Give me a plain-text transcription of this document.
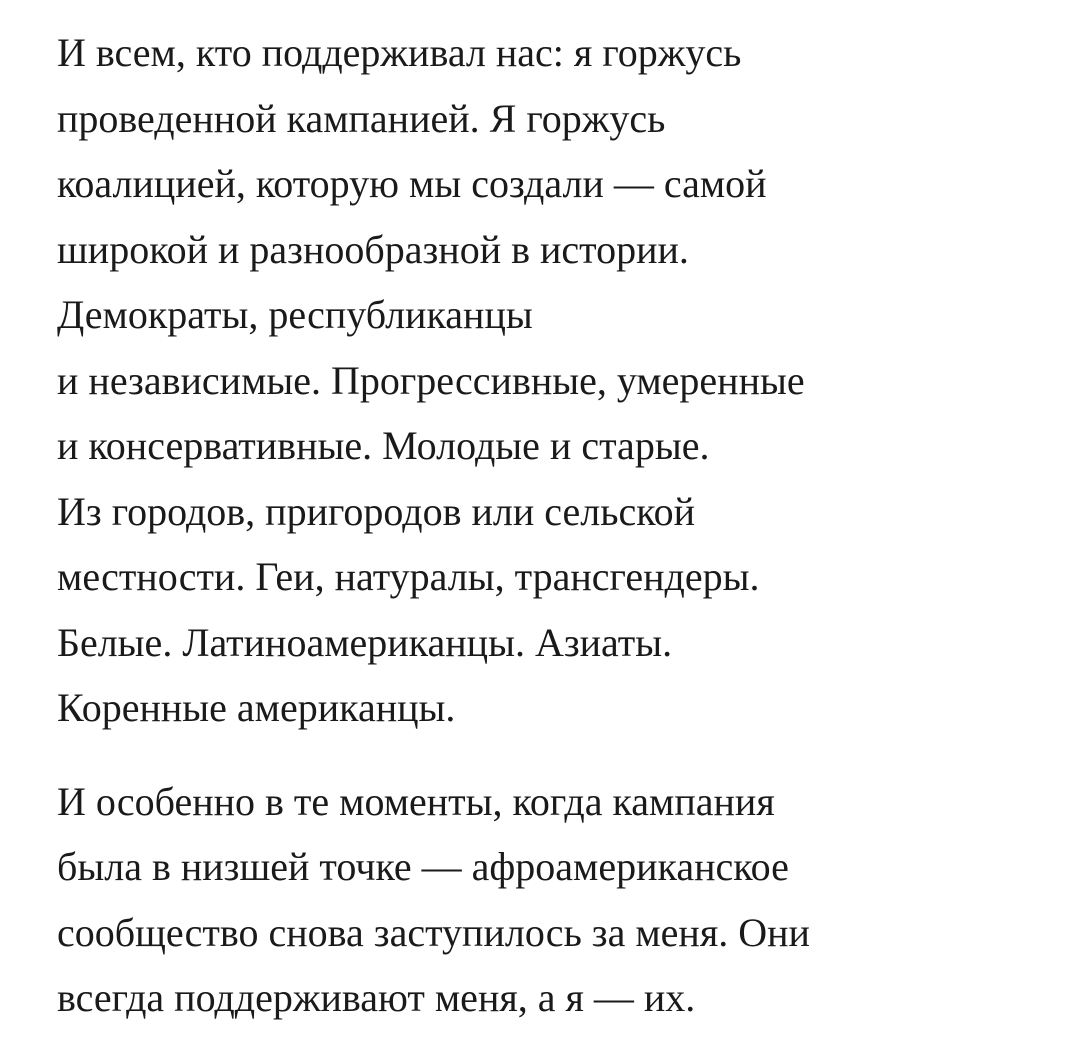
И всем, кто поддерживал нас: я горжусь
проведенной кампанией. Я горжусь
коалицией, которую мы создали — самой
широкой и разнообразной в истории.
Демократы, республиканцы
и независимые. Прогрессивные, умеренные
и консервативные. Молодые и старые.
Из городов, пригородов или сельской
местности. Геи, натуралы, трансгендеры.
Белые. Латиноамериканцы. Азиаты.
Коренные американцы.

И особенно в те моменты, когда кампания
была в низшей точке — афроамериканское
сообщество снова заступилось за меня. Они
всегда поддерживают меня, а я — их.
